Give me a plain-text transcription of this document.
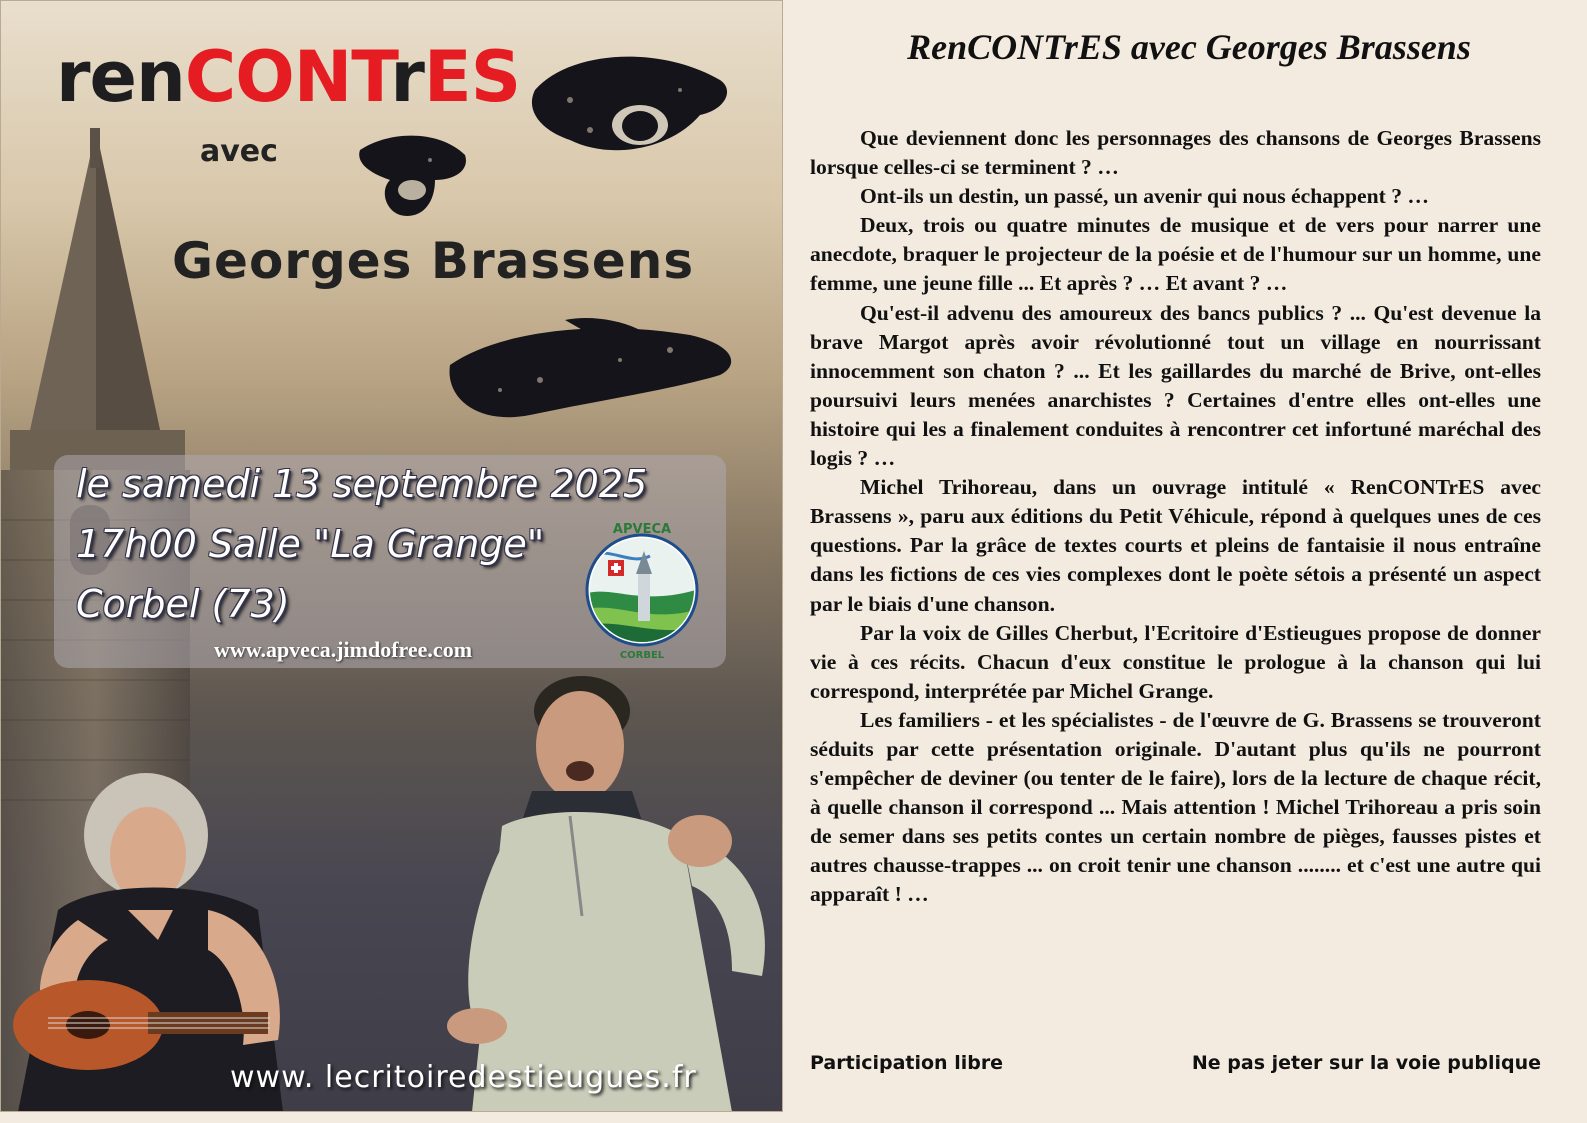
renCONTrES
avec
Georges Brassens
le samedi 13 septembre 2025
17h00 Salle "La Grange"
Corbel (73)
APVECA
CORBEL
www.apveca.jimdofree.com
www. lecritoiredestieugues.fr
RenCONTrES avec Georges Brassens

Que deviennent donc les personnages des chansons de Georges Brassens lorsque celles-ci se terminent ? …

Ont-ils un destin, un passé, un avenir qui nous échappent ? …

Deux, trois ou quatre minutes de musique et de vers pour narrer une anecdote, braquer le projecteur de la poésie et de l'humour sur un homme, une femme, une jeune fille ... Et après ? … Et avant ? …

Qu'est-il advenu des amoureux des bancs publics ? ... Qu'est devenue la brave Margot après avoir révolutionné tout un village en nourrissant innocemment son chaton ? ... Et les gaillardes du marché de Brive, ont-elles poursuivi leurs menées anarchistes ? Certaines d'entre elles ont-elles une histoire qui les a finalement conduites à rencontrer cet infortuné maréchal des logis ? …

Michel Trihoreau, dans un ouvrage intitulé « RenCONTrES avec Brassens », paru aux éditions du Petit Véhicule, répond à quelques unes de ces questions. Par la grâce de textes courts et pleins de fantaisie il nous entraîne dans les fictions de ces vies complexes dont le poète sétois a présenté un aspect par le biais d'une chanson.

Par la voix de Gilles Cherbut, l'Ecritoire d'Estieugues propose de donner vie à ces récits. Chacun d'eux constitue le prologue à la chanson qui lui correspond, interprétée par Michel Grange.

Les familiers - et les spécialistes - de l'œuvre de G. Brassens se trouveront séduits par cette présentation originale. D'autant plus qu'ils ne pourront s'empêcher de deviner (ou tenter de le faire), lors de la lecture de chaque récit, à quelle chanson il correspond ... Mais attention ! Michel Trihoreau a pris soin de semer dans ses petits contes un certain nombre de pièges, fausses pistes et autres chausse-trappes ... on croit tenir une chanson ........ et c'est une autre qui apparaît ! …

Participation libre	Ne pas jeter sur la voie publique
